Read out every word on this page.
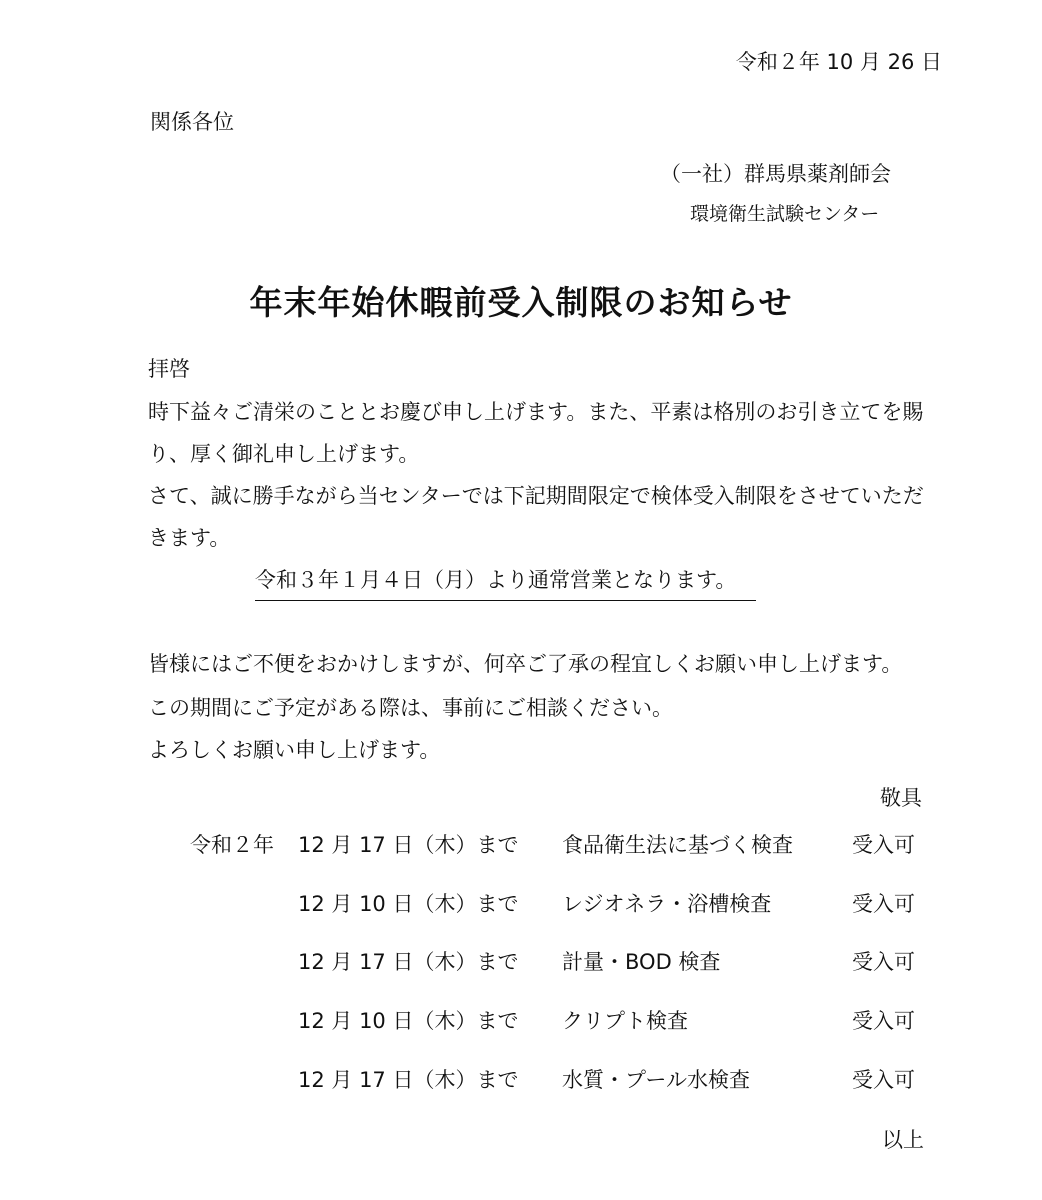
令和２年 10 月 26 日
関係各位
（一社）群馬県薬剤師会
環境衛生試験センター
年末年始休暇前受入制限のお知らせ
拝啓
時下益々ご清栄のこととお慶び申し上げます。また、平素は格別のお引き立てを賜
り、厚く御礼申し上げます。
さて、誠に勝手ながら当センターでは下記期間限定で検体受入制限をさせていただ
きます。
令和３年１月４日（月）より通常営業となります。
皆様にはご不便をおかけしますが、何卒ご了承の程宜しくお願い申し上げます。
この期間にご予定がある際は、事前にご相談ください。
よろしくお願い申し上げます。
敬具
令和２年 12 月 17 日（木）まで 食品衛生法に基づく検査	受入可
12 月 10 日（木）まで レジオネラ・浴槽検査	受入可
12 月 17 日（木）まで 計量・BOD 検査	受入可
12 月 10 日（木）まで クリプト検査	受入可
12 月 17 日（木）まで 水質・プール水検査	受入可
以上
